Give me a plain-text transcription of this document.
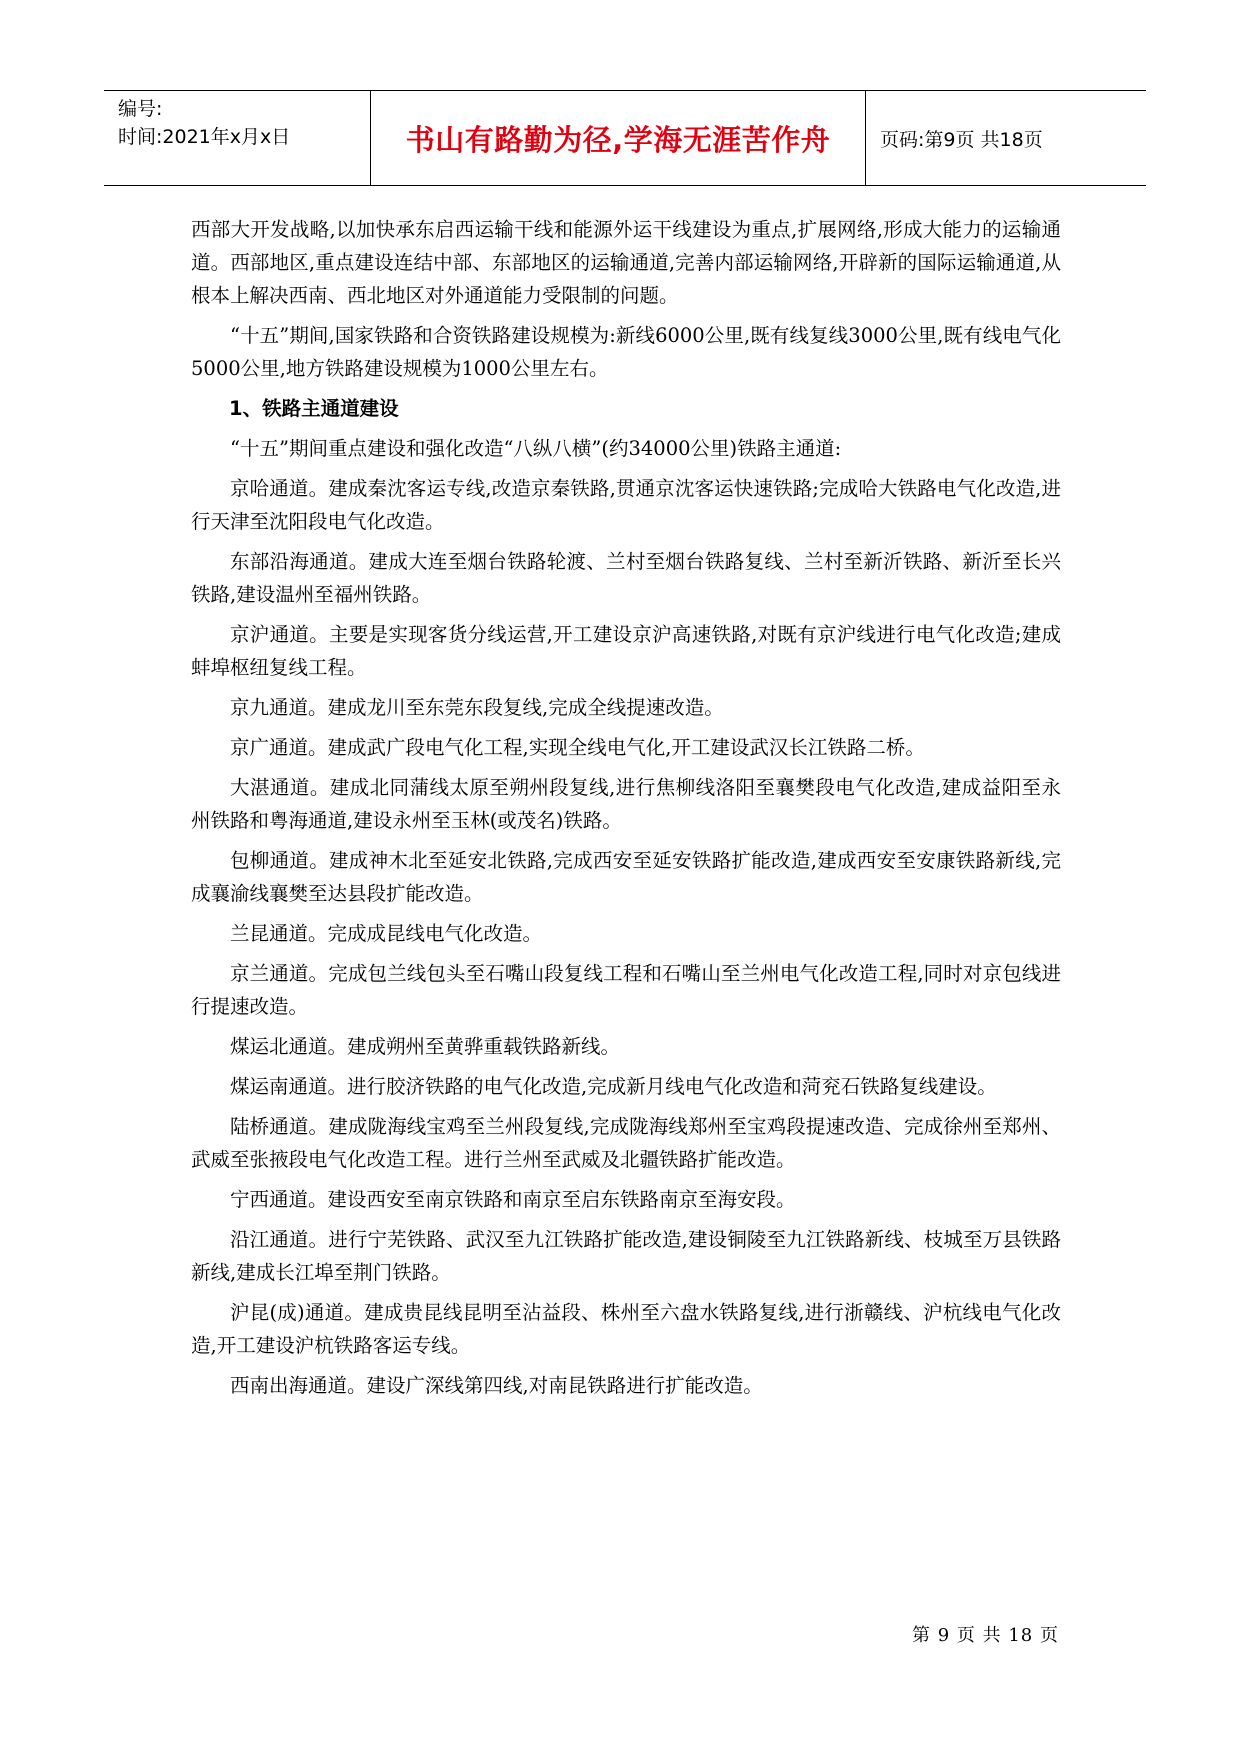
编号:
时间:2021年x月x日	书山有路勤为径,学海无涯苦作舟	页码:第9页 共18页

西部大开发战略,以加快承东启西运输干线和能源外运干线建设为重点,扩展网络,形成大能力的运输通道。西部地区,重点建设连结中部、东部地区的运输通道,完善内部运输网络,开辟新的国际运输通道,从根本上解决西南、西北地区对外通道能力受限制的问题。

“十五”期间,国家铁路和合资铁路建设规模为:新线6000公里,既有线复线3000公里,既有线电气化5000公里,地方铁路建设规模为1000公里左右。

1、铁路主通道建设

“十五”期间重点建设和强化改造“八纵八横”(约34000公里)铁路主通道:

京哈通道。建成秦沈客运专线,改造京秦铁路,贯通京沈客运快速铁路;完成哈大铁路电气化改造,进行天津至沈阳段电气化改造。

东部沿海通道。建成大连至烟台铁路轮渡、兰村至烟台铁路复线、兰村至新沂铁路、新沂至长兴铁路,建设温州至福州铁路。

京沪通道。主要是实现客货分线运营,开工建设京沪高速铁路,对既有京沪线进行电气化改造;建成蚌埠枢纽复线工程。

京九通道。建成龙川至东莞东段复线,完成全线提速改造。

京广通道。建成武广段电气化工程,实现全线电气化,开工建设武汉长江铁路二桥。

大湛通道。建成北同蒲线太原至朔州段复线,进行焦柳线洛阳至襄樊段电气化改造,建成益阳至永州铁路和粤海通道,建设永州至玉林(或茂名)铁路。

包柳通道。建成神木北至延安北铁路,完成西安至延安铁路扩能改造,建成西安至安康铁路新线,完成襄渝线襄樊至达县段扩能改造。

兰昆通道。完成成昆线电气化改造。

京兰通道。完成包兰线包头至石嘴山段复线工程和石嘴山至兰州电气化改造工程,同时对京包线进行提速改造。

煤运北通道。建成朔州至黄骅重载铁路新线。

煤运南通道。进行胶济铁路的电气化改造,完成新月线电气化改造和菏兖石铁路复线建设。

陆桥通道。建成陇海线宝鸡至兰州段复线,完成陇海线郑州至宝鸡段提速改造、完成徐州至郑州、武威至张掖段电气化改造工程。进行兰州至武威及北疆铁路扩能改造。

宁西通道。建设西安至南京铁路和南京至启东铁路南京至海安段。

沿江通道。进行宁芜铁路、武汉至九江铁路扩能改造,建设铜陵至九江铁路新线、枝城至万县铁路新线,建成长江埠至荆门铁路。

沪昆(成)通道。建成贵昆线昆明至沾益段、株州至六盘水铁路复线,进行浙赣线、沪杭线电气化改造,开工建设沪杭铁路客运专线。

西南出海通道。建设广深线第四线,对南昆铁路进行扩能改造。

第 9 页 共 18 页
